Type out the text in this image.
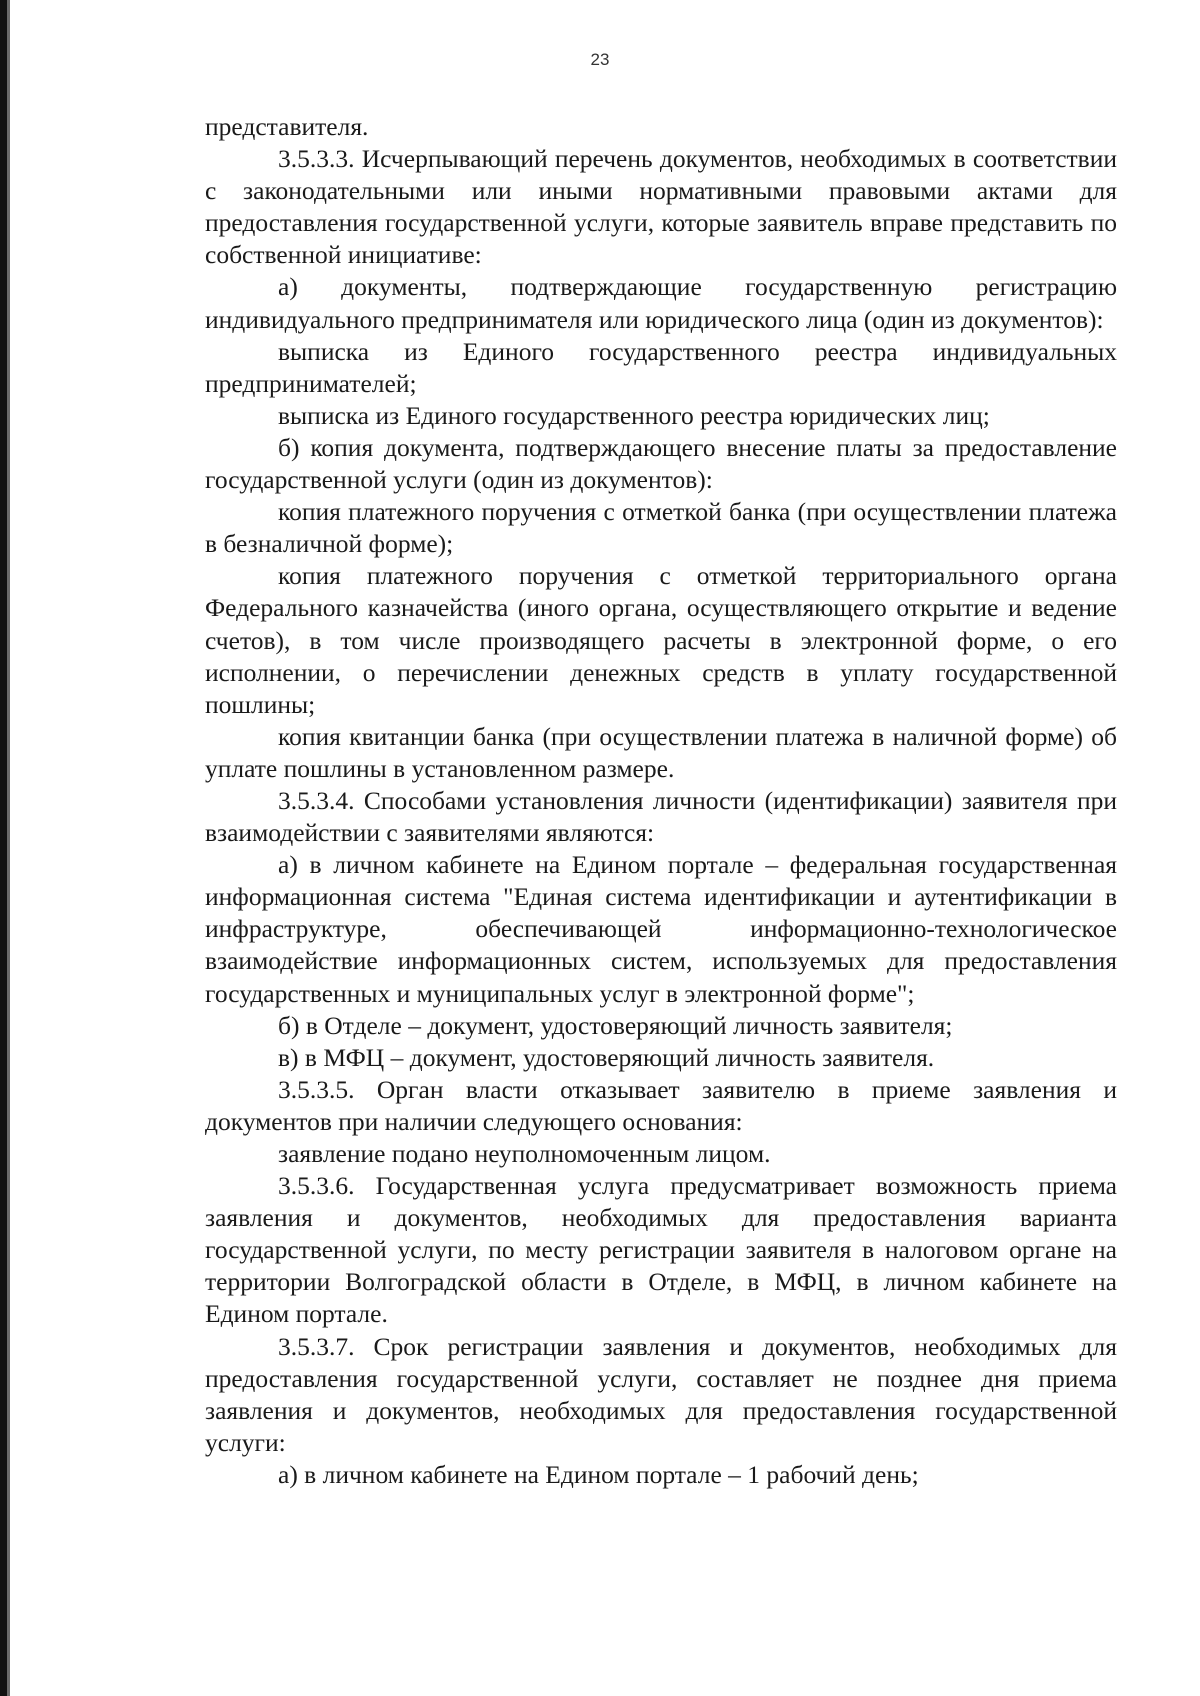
23

представителя.

3.5.3.3. Исчерпывающий перечень документов, необходимых в соответствии с законодательными или иными нормативными правовыми актами для предоставления государственной услуги, которые заявитель вправе представить по собственной инициативе:

а) документы, подтверждающие государственную регистрацию индивидуального предпринимателя или юридического лица (один из документов):

выписка из Единого государственного реестра индивидуальных предпринимателей;

выписка из Единого государственного реестра юридических лиц;

б) копия документа, подтверждающего внесение платы за предоставление государственной услуги (один из документов):

копия платежного поручения с отметкой банка (при осуществлении платежа в безналичной форме);

копия платежного поручения с отметкой территориального органа Федерального казначейства (иного органа, осуществляющего открытие и ведение счетов), в том числе производящего расчеты в электронной форме, о его исполнении, о перечислении денежных средств в уплату государственной пошлины;

копия квитанции банка (при осуществлении платежа в наличной форме) об уплате пошлины в установленном размере.

3.5.3.4. Способами установления личности (идентификации) заявителя при взаимодействии с заявителями являются:

а) в личном кабинете на Едином портале – федеральная государственная информационная система "Единая система идентификации и аутентификации в инфраструктуре, обеспечивающей информационно-технологическое взаимодействие информационных систем, используемых для предоставления государственных и муниципальных услуг в электронной форме";

б) в Отделе – документ, удостоверяющий личность заявителя;

в) в МФЦ – документ, удостоверяющий личность заявителя.

3.5.3.5. Орган власти отказывает заявителю в приеме заявления и документов при наличии следующего основания:

заявление подано неуполномоченным лицом.

3.5.3.6. Государственная услуга предусматривает возможность приема заявления и документов, необходимых для предоставления варианта государственной услуги, по месту регистрации заявителя в налоговом органе на территории Волгоградской области в Отделе, в МФЦ, в личном кабинете на Едином портале.

3.5.3.7. Срок регистрации заявления и документов, необходимых для предоставления государственной услуги, составляет не позднее дня приема заявления и документов, необходимых для предоставления государственной услуги:

а) в личном кабинете на Едином портале – 1 рабочий день;
